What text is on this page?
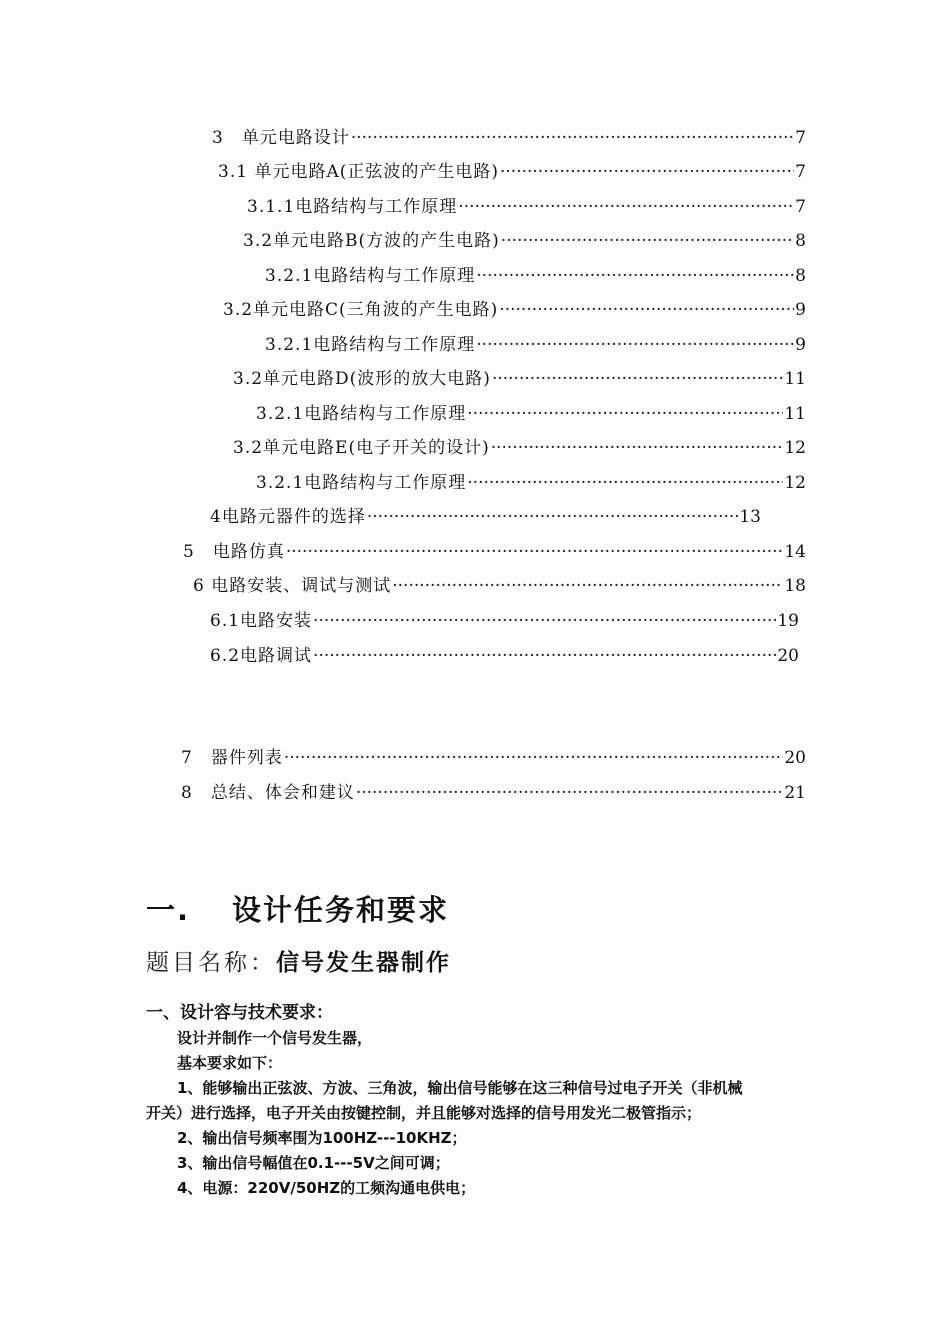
3　单元电路设计 ·····	7
3.1 单元电路A(正弦波的产生电路) ·····	7
3.1.1电路结构与工作原理 ·····	7
3.2单元电路B(方波的产生电路) ·····	8
3.2.1电路结构与工作原理 ·····	8
3.2单元电路C(三角波的产生电路) ·····	9
3.2.1电路结构与工作原理 ·····	9
3.2单元电路D(波形的放大电路) ·····	11
3.2.1电路结构与工作原理 ·····	11
3.2单元电路E(电子开关的设计) ·····	12
3.2.1电路结构与工作原理 ·····	12
4电路元器件的选择 ·····	13
5　电路仿真 ·····	14
6 电路安装、调试与测试 ·····	18
6.1电路安装 ·····	19
6.2电路调试 ·····	20
7　器件列表 ·····	20
8　总结、体会和建议 ·····	21
一. 设计任务和要求
题目名称：信号发生器制作
一、设计容与技术要求：
设计并制作一个信号发生器，
基本要求如下：
1、能够输出正弦波、方波、三角波，输出信号能够在这三种信号过电子开关（非机械
开关）进行选择，电子开关由按键控制，并且能够对选择的信号用发光二极管指示；
2、输出信号频率围为100HZ---10KHZ；
3、输出信号幅值在0.1---5V之间可调；
4、电源：220V/50HZ的工频沟通电供电；
